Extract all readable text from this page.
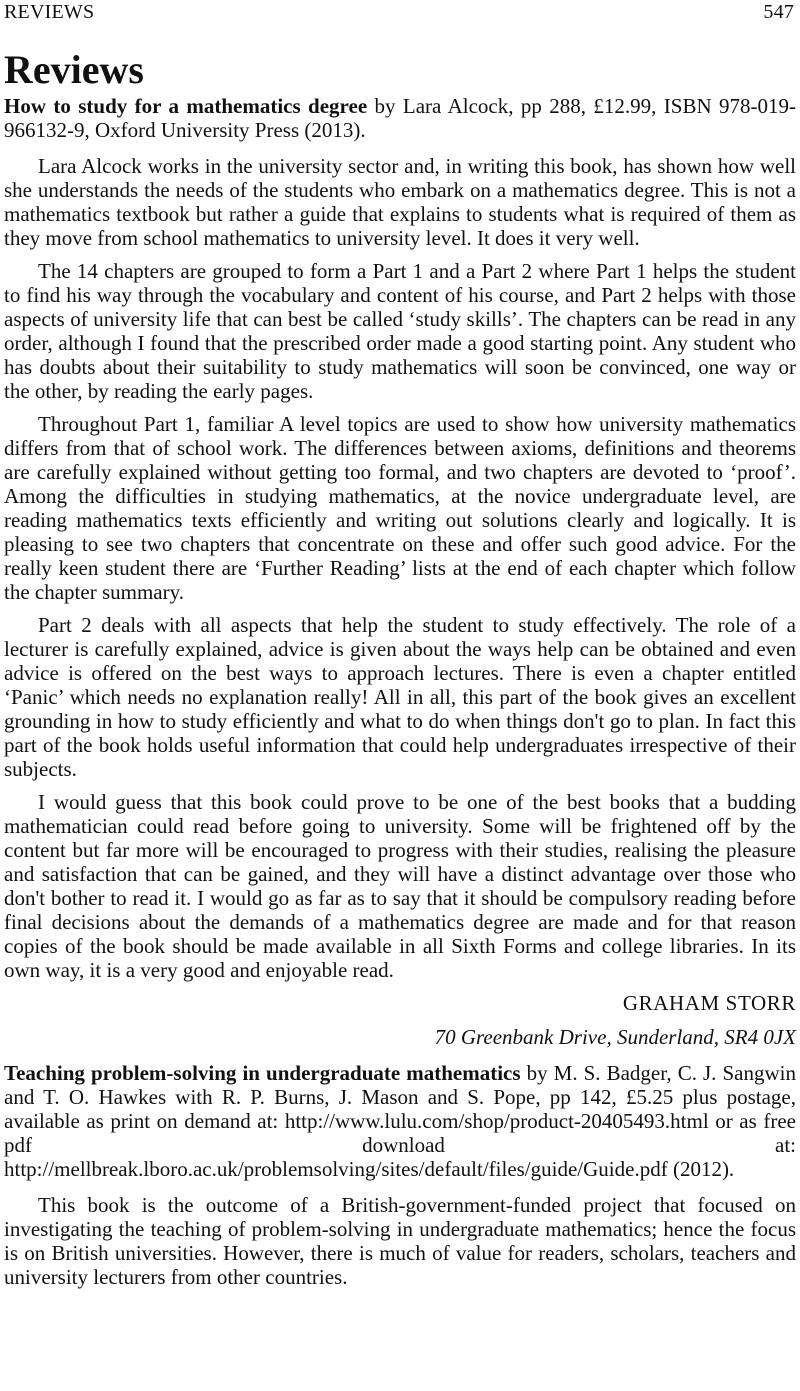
REVIEWS	547
Reviews

How to study for a mathematics degree by Lara Alcock, pp 288, £12.99, ISBN 978-019-966132-9, Oxford University Press (2013).

Lara Alcock works in the university sector and, in writing this book, has shown how well she understands the needs of the students who embark on a mathematics degree. This is not a mathematics textbook but rather a guide that explains to students what is required of them as they move from school mathematics to university level. It does it very well.

The 14 chapters are grouped to form a Part 1 and a Part 2 where Part 1 helps the student to find his way through the vocabulary and content of his course, and Part 2 helps with those aspects of university life that can best be called ‘study skills’. The chapters can be read in any order, although I found that the prescribed order made a good starting point. Any student who has doubts about their suitability to study mathematics will soon be convinced, one way or the other, by reading the early pages.

Throughout Part 1, familiar A level topics are used to show how university mathematics differs from that of school work. The differences between axioms, definitions and theorems are carefully explained without getting too formal, and two chapters are devoted to ‘proof’. Among the difficulties in studying mathematics, at the novice undergraduate level, are reading mathematics texts efficiently and writing out solutions clearly and logically. It is pleasing to see two chapters that concentrate on these and offer such good advice. For the really keen student there are ‘Further Reading’ lists at the end of each chapter which follow the chapter summary.

Part 2 deals with all aspects that help the student to study effectively. The role of a lecturer is carefully explained, advice is given about the ways help can be obtained and even advice is offered on the best ways to approach lectures. There is even a chapter entitled ‘Panic’ which needs no explanation really! All in all, this part of the book gives an excellent grounding in how to study efficiently and what to do when things don't go to plan. In fact this part of the book holds useful information that could help undergraduates irrespective of their subjects.

I would guess that this book could prove to be one of the best books that a budding mathematician could read before going to university. Some will be frightened off by the content but far more will be encouraged to progress with their studies, realising the pleasure and satisfaction that can be gained, and they will have a distinct advantage over those who don't bother to read it. I would go as far as to say that it should be compulsory reading before final decisions about the demands of a mathematics degree are made and for that reason copies of the book should be made available in all Sixth Forms and college libraries. In its own way, it is a very good and enjoyable read.

GRAHAM STORR
70 Greenbank Drive, Sunderland, SR4 0JX

Teaching problem-solving in undergraduate mathematics by M. S. Badger, C. J. Sangwin and T. O. Hawkes with R. P. Burns, J. Mason and S. Pope, pp 142, £5.25 plus postage, available as print on demand at: http://www.lulu.com/shop/product-20405493.html or as free pdf download at: http://mellbreak.lboro.ac.uk/problemsolving/sites/default/files/guide/Guide.pdf (2012).

This book is the outcome of a British-government-funded project that focused on investigating the teaching of problem-solving in undergraduate mathematics; hence the focus is on British universities. However, there is much of value for readers, scholars, teachers and university lecturers from other countries.
